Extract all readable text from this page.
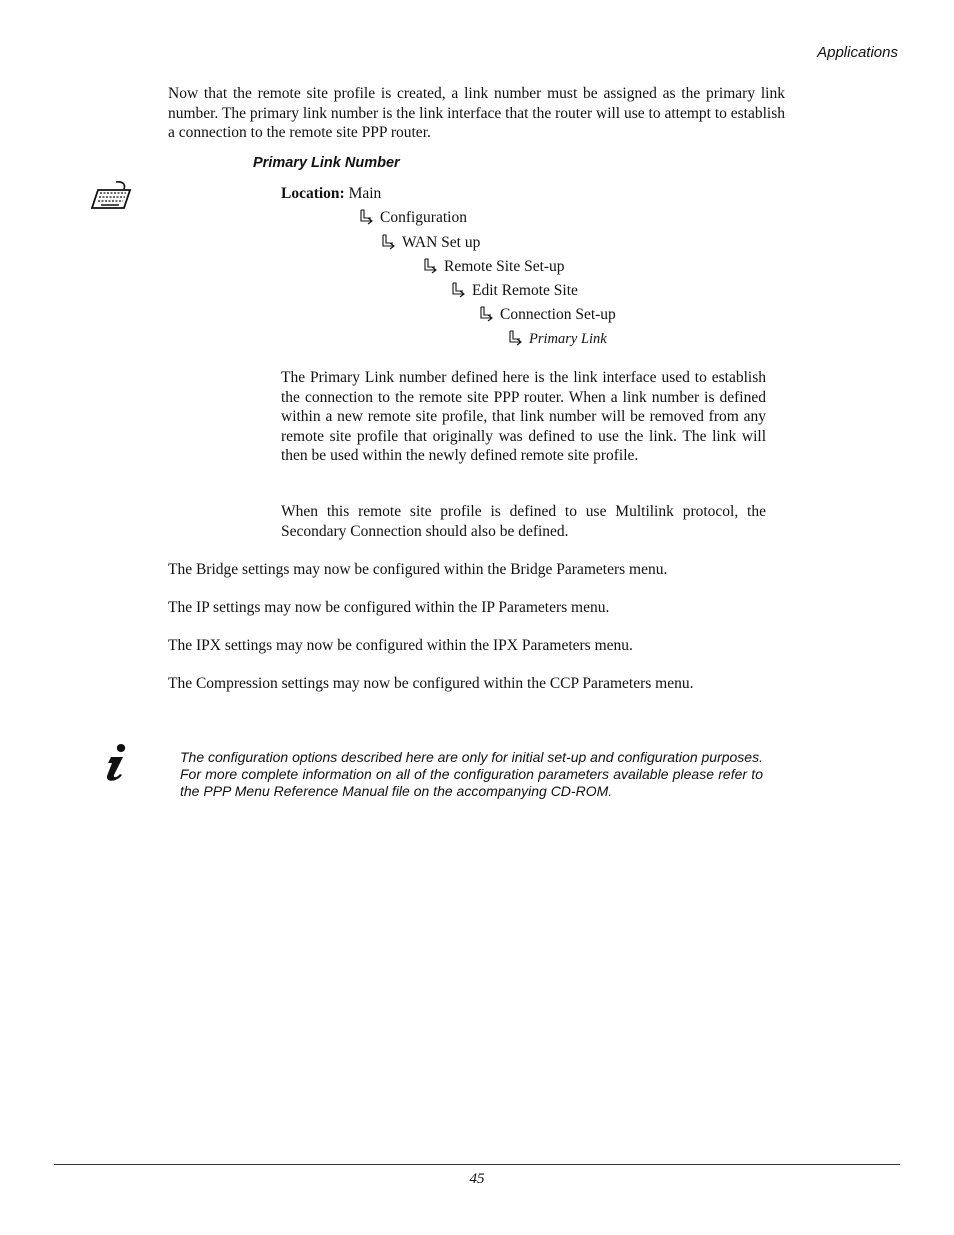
Applications

Now that the remote site profile is created, a link number must be assigned as the primary link number. The primary link number is the link interface that the router will use to attempt to establish a connection to the remote site PPP router.

Primary Link Number
Location: Main
Configuration
WAN Set up
Remote Site Set-up
Edit Remote Site
Connection Set-up
Primary Link

The Primary Link number defined here is the link interface used to establish the connection to the remote site PPP router. When a link number is defined within a new remote site profile, that link number will be removed from any remote site profile that originally was defined to use the link. The link will then be used within the newly defined remote site profile.

When this remote site profile is defined to use Multilink protocol, the Secondary Connection should also be defined.

The Bridge settings may now be configured within the Bridge Parameters menu.

The IP settings may now be configured within the IP Parameters menu.

The IPX settings may now be configured within the IPX Parameters menu.

The Compression settings may now be configured within the CCP Parameters menu.

The configuration options described here are only for initial set-up and configuration purposes. For more complete information on all of the configuration parameters available please refer to the PPP Menu Reference Manual file on the accompanying CD-ROM.

45
